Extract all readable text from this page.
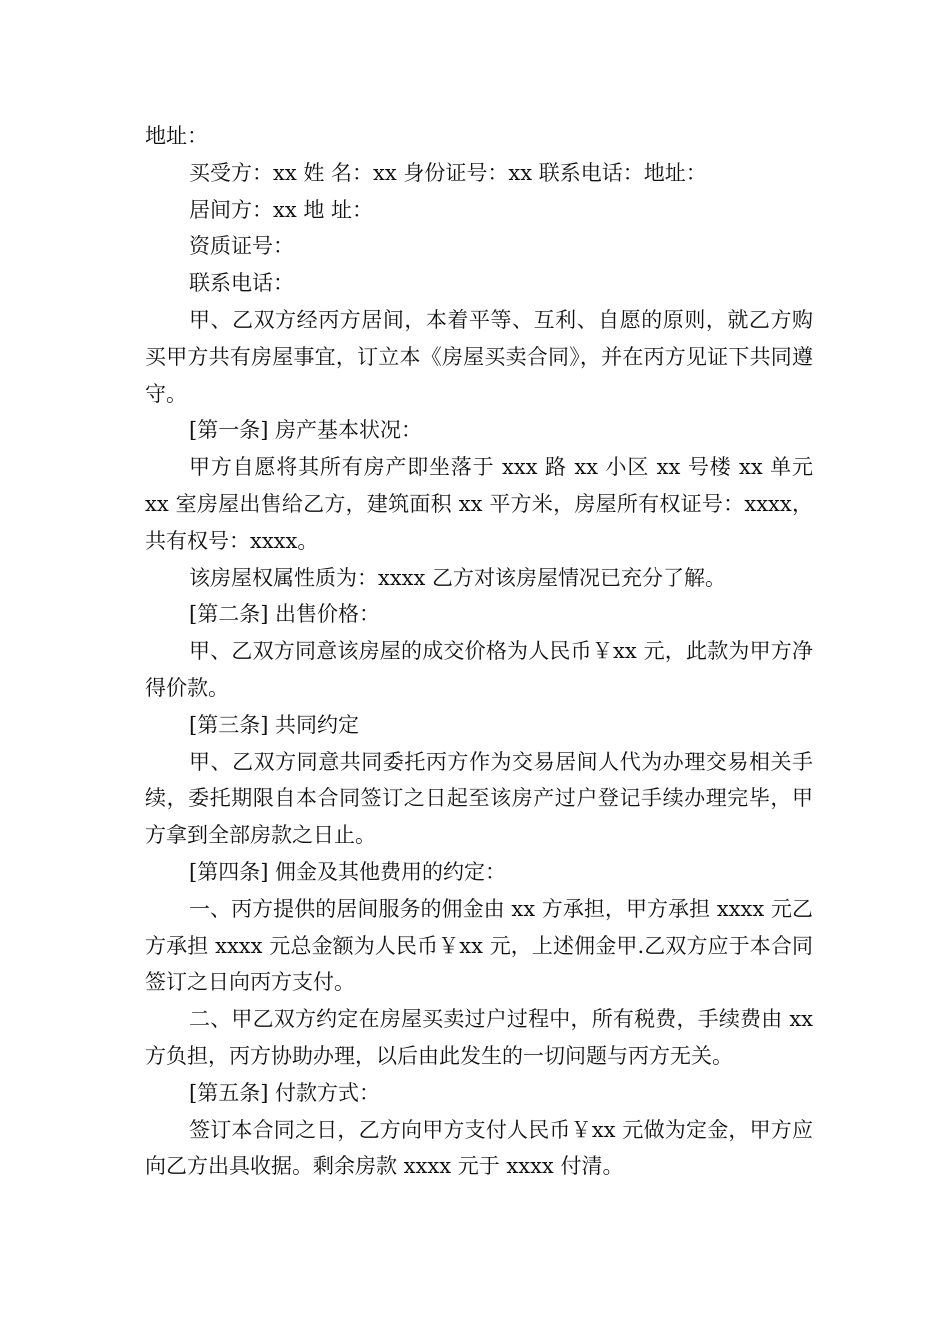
地址：

买受方：xx 姓 名：xx 身份证号：xx 联系电话：地址：

居间方：xx 地 址：

资质证号：

联系电话：

甲、乙双方经丙方居间，本着平等、互利、自愿的原则，就乙方购买甲方共有房屋事宜，订立本《房屋买卖合同》，并在丙方见证下共同遵守。

[第一条] 房产基本状况：

甲方自愿将其所有房产即坐落于 xxx 路 xx 小区 xx 号楼 xx 单元 xx 室房屋出售给乙方，建筑面积 xx 平方米，房屋所有权证号：xxxx，共有权号：xxxx。

该房屋权属性质为：xxxx 乙方对该房屋情况已充分了解。

[第二条] 出售价格：

甲、乙双方同意该房屋的成交价格为人民币￥xx 元，此款为甲方净得价款。

[第三条] 共同约定

甲、乙双方同意共同委托丙方作为交易居间人代为办理交易相关手续，委托期限自本合同签订之日起至该房产过户登记手续办理完毕，甲方拿到全部房款之日止。

[第四条] 佣金及其他费用的约定：

一、丙方提供的居间服务的佣金由 xx 方承担，甲方承担 xxxx 元乙方承担 xxxx 元总金额为人民币￥xx 元，上述佣金甲.乙双方应于本合同签订之日向丙方支付。

二、甲乙双方约定在房屋买卖过户过程中，所有税费，手续费由 xx 方负担，丙方协助办理，以后由此发生的一切问题与丙方无关。

[第五条] 付款方式：

签订本合同之日，乙方向甲方支付人民币￥xx 元做为定金，甲方应向乙方出具收据。剩余房款 xxxx 元于 xxxx 付清。
